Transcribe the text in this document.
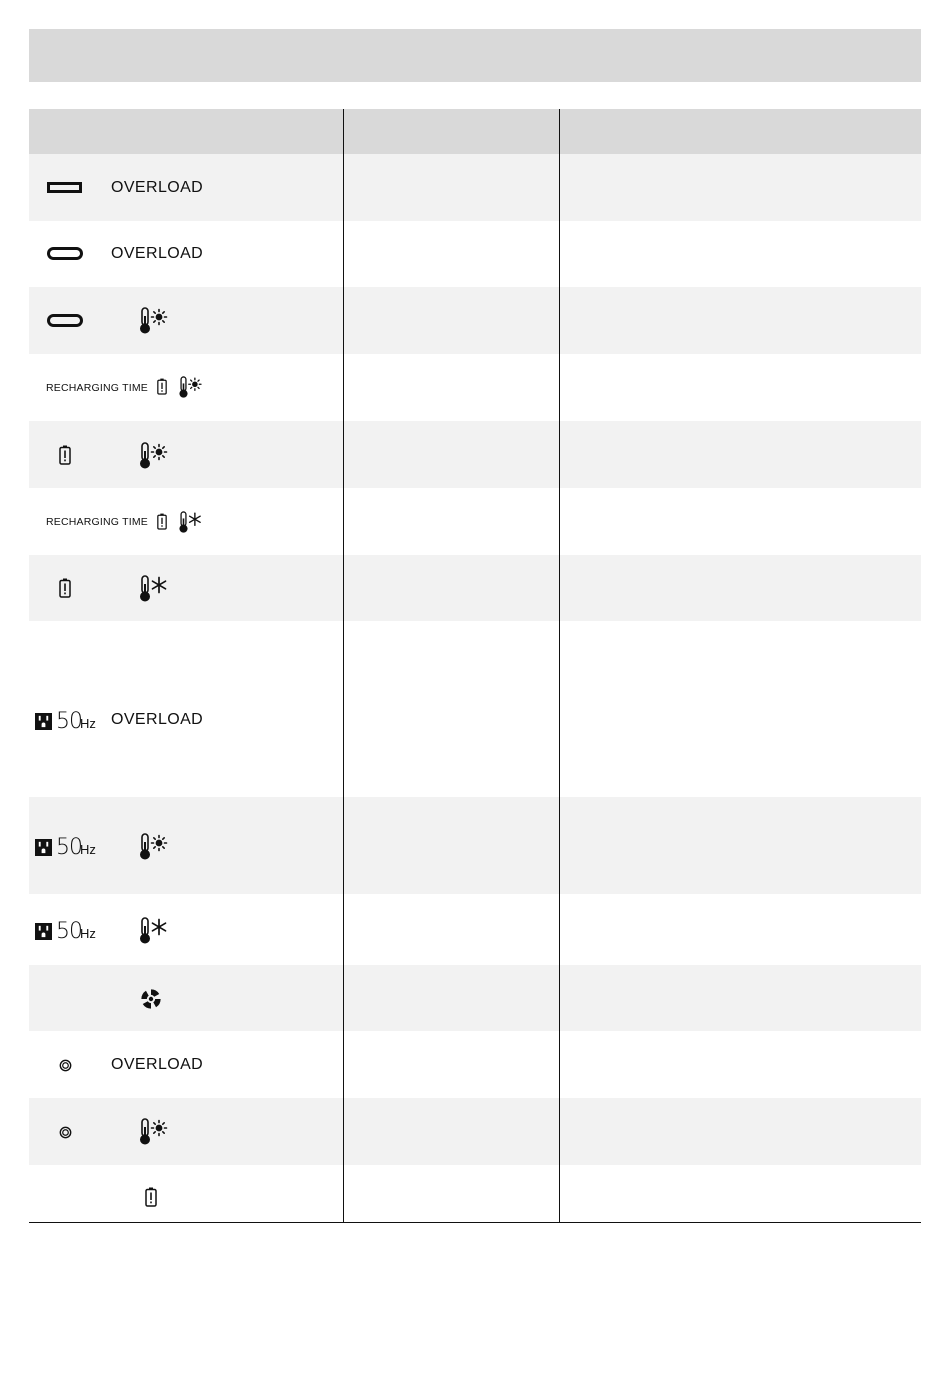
OVERLOAD
OVERLOAD
RECHARGING TIME
RECHARGING TIME
50
Hz OVERLOAD
50
Hz
50
Hz
OVERLOAD
